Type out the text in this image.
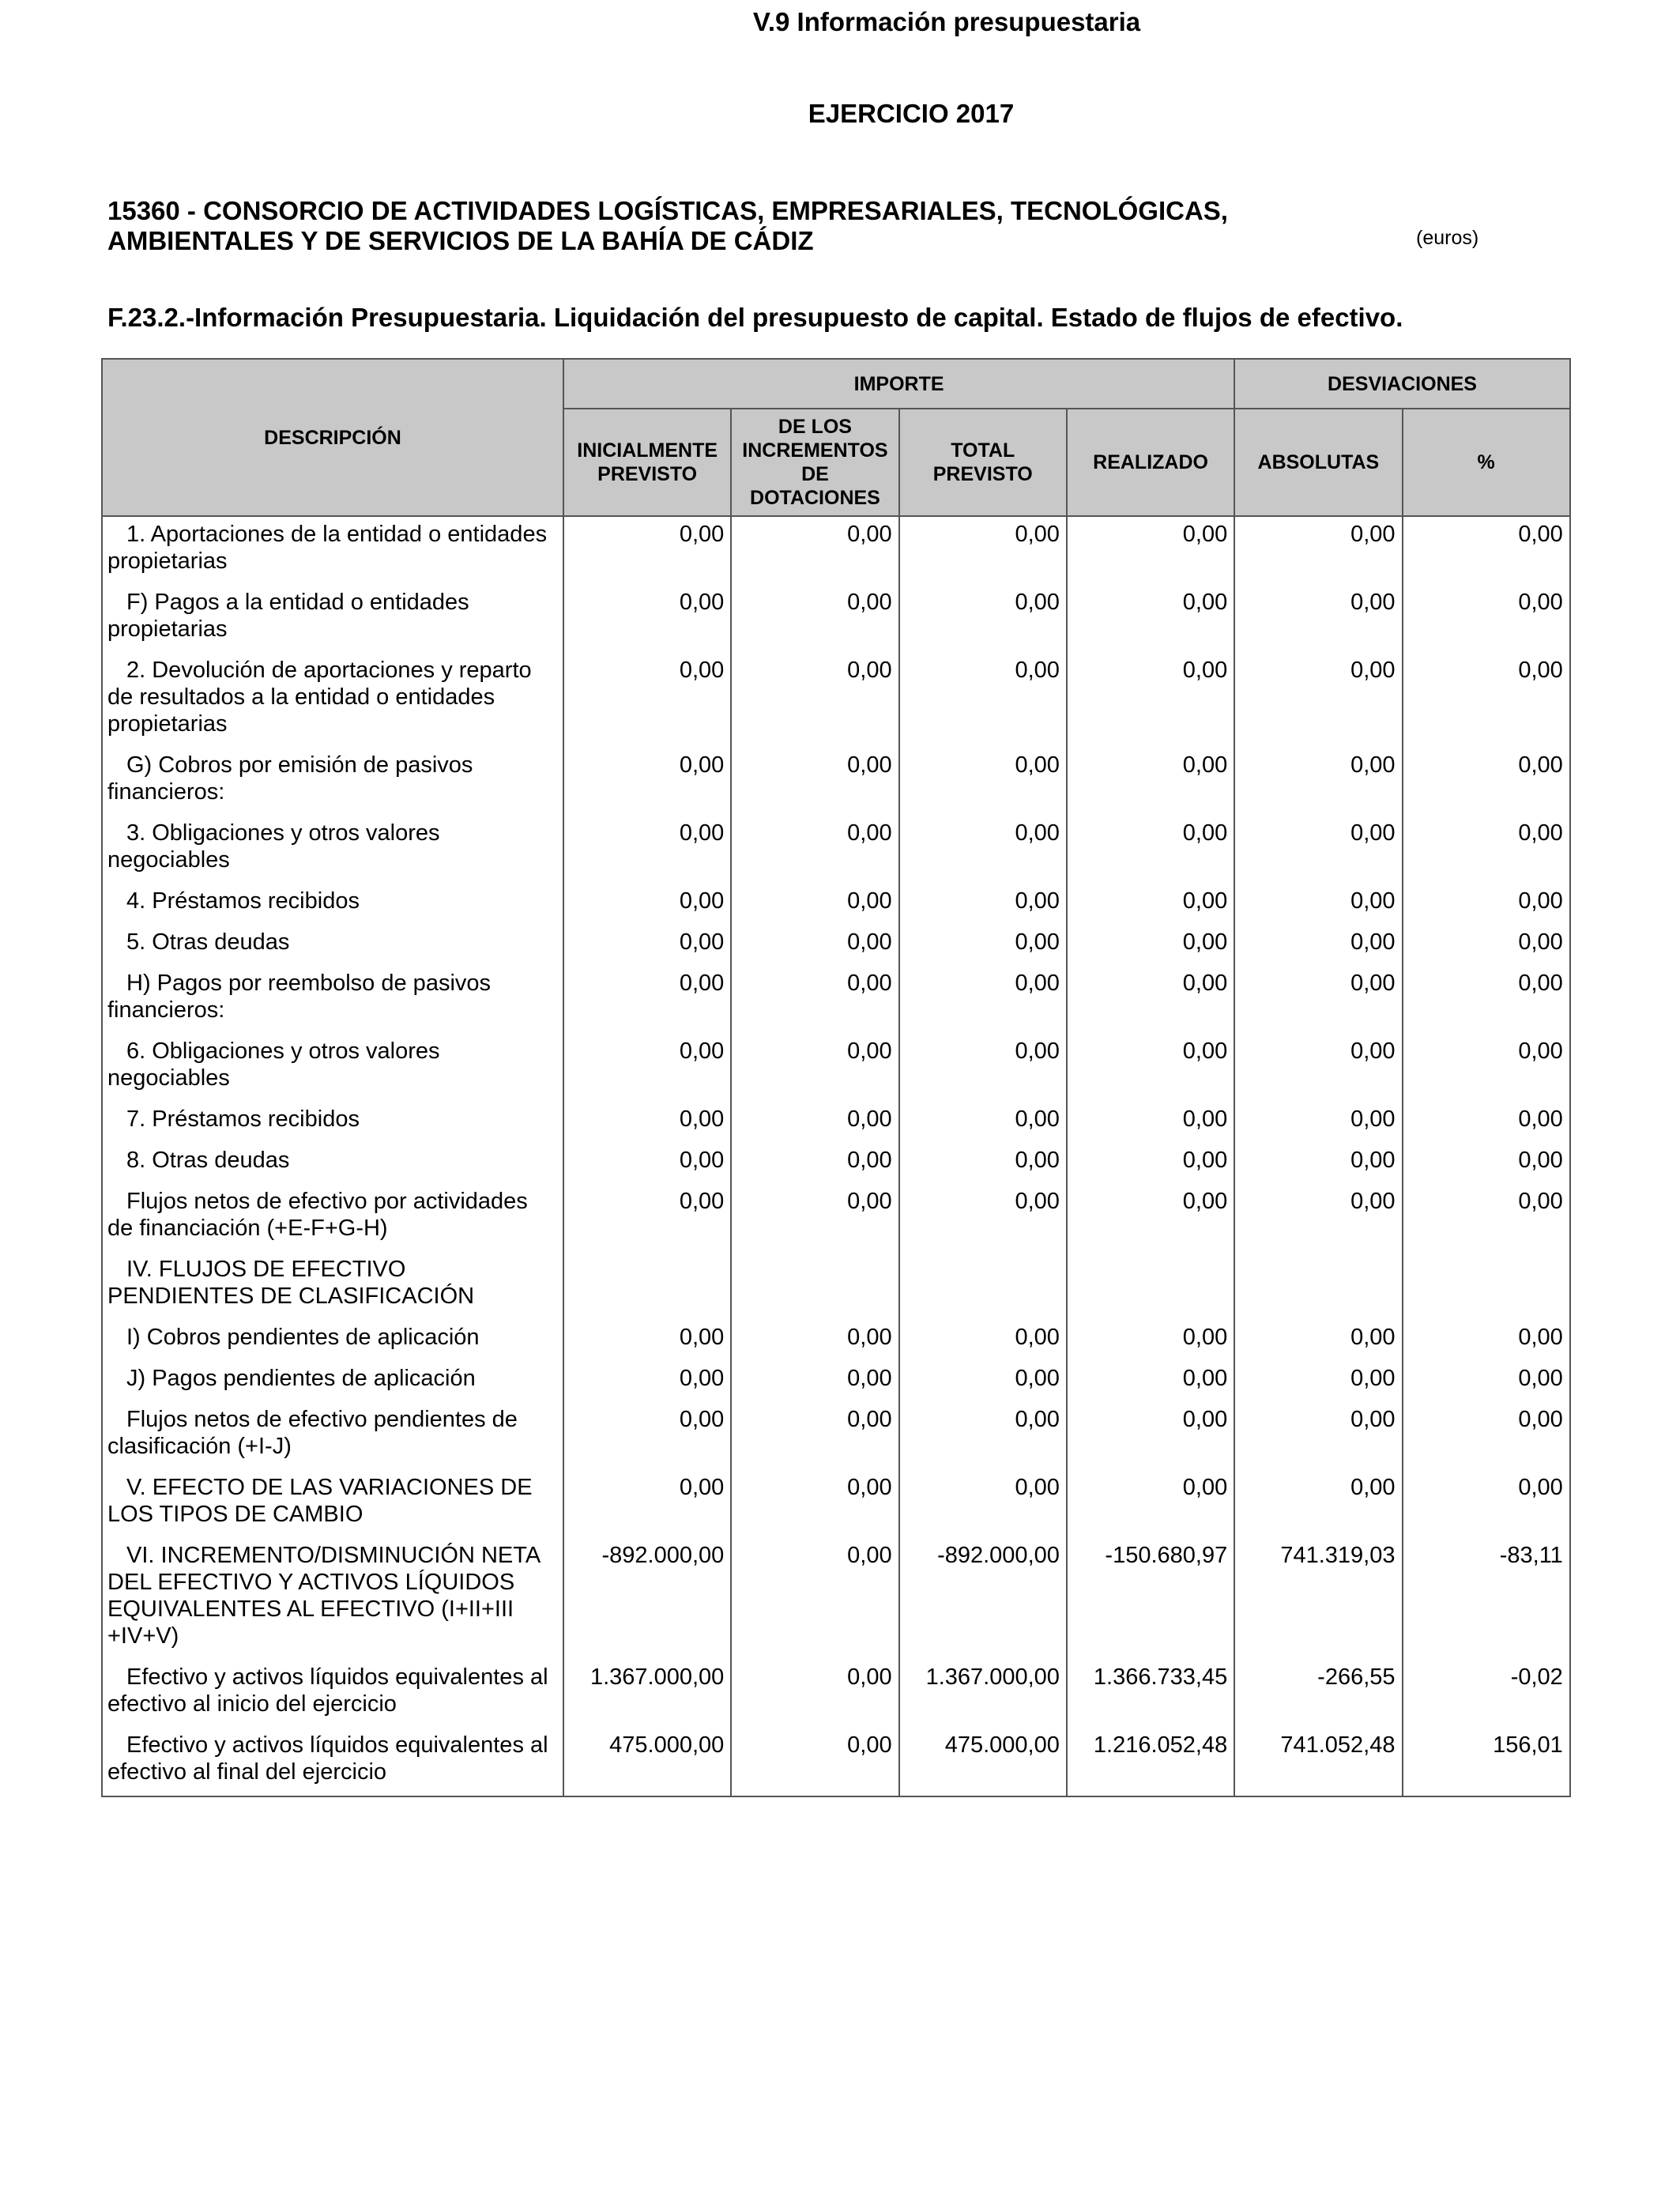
V.9 Información presupuestaria
EJERCICIO 2017
15360 - CONSORCIO DE ACTIVIDADES LOGÍSTICAS, EMPRESARIALES, TECNOLÓGICAS,
AMBIENTALES Y DE SERVICIOS DE LA BAHÍA DE CÁDIZ	(euros)
F.23.2.-Información Presupuestaria. Liquidación del presupuesto de capital. Estado de flujos de efectivo.
DESCRIPCIÓN	IMPORTE				DESVIACIONES	
	INICIALMENTE PREVISTO	DE LOS INCREMENTOS DE DOTACIONES	TOTAL PREVISTO	REALIZADO	ABSOLUTAS	%
1. Aportaciones de la entidad o entidades propietarias	0,00	0,00	0,00	0,00	0,00	0,00
F) Pagos a la entidad o entidades propietarias	0,00	0,00	0,00	0,00	0,00	0,00
2. Devolución de aportaciones y reparto de resultados a la entidad o entidades propietarias	0,00	0,00	0,00	0,00	0,00	0,00
G) Cobros por emisión de pasivos financieros:	0,00	0,00	0,00	0,00	0,00	0,00
3. Obligaciones y otros valores negociables	0,00	0,00	0,00	0,00	0,00	0,00
4. Préstamos recibidos	0,00	0,00	0,00	0,00	0,00	0,00
5. Otras deudas	0,00	0,00	0,00	0,00	0,00	0,00
H) Pagos por reembolso de pasivos financieros:	0,00	0,00	0,00	0,00	0,00	0,00
6. Obligaciones y otros valores negociables	0,00	0,00	0,00	0,00	0,00	0,00
7. Préstamos recibidos	0,00	0,00	0,00	0,00	0,00	0,00
8. Otras deudas	0,00	0,00	0,00	0,00	0,00	0,00
Flujos netos de efectivo por actividades de financiación (+E-F+G-H)	0,00	0,00	0,00	0,00	0,00	0,00
IV. FLUJOS DE EFECTIVO PENDIENTES DE CLASIFICACIÓN						
I) Cobros pendientes de aplicación	0,00	0,00	0,00	0,00	0,00	0,00
J) Pagos pendientes de aplicación	0,00	0,00	0,00	0,00	0,00	0,00
Flujos netos de efectivo pendientes de clasificación (+I-J)	0,00	0,00	0,00	0,00	0,00	0,00
V. EFECTO DE LAS VARIACIONES DE LOS TIPOS DE CAMBIO	0,00	0,00	0,00	0,00	0,00	0,00
VI. INCREMENTO/DISMINUCIÓN NETA DEL EFECTIVO Y ACTIVOS LÍQUIDOS EQUIVALENTES AL EFECTIVO (I+II+III +IV+V)	-892.000,00	0,00	-892.000,00	-150.680,97	741.319,03	-83,11
Efectivo y activos líquidos equivalentes al efectivo al inicio del ejercicio	1.367.000,00	0,00	1.367.000,00	1.366.733,45	-266,55	-0,02
Efectivo y activos líquidos equivalentes al efectivo al final del ejercicio	475.000,00	0,00	475.000,00	1.216.052,48	741.052,48	156,01
